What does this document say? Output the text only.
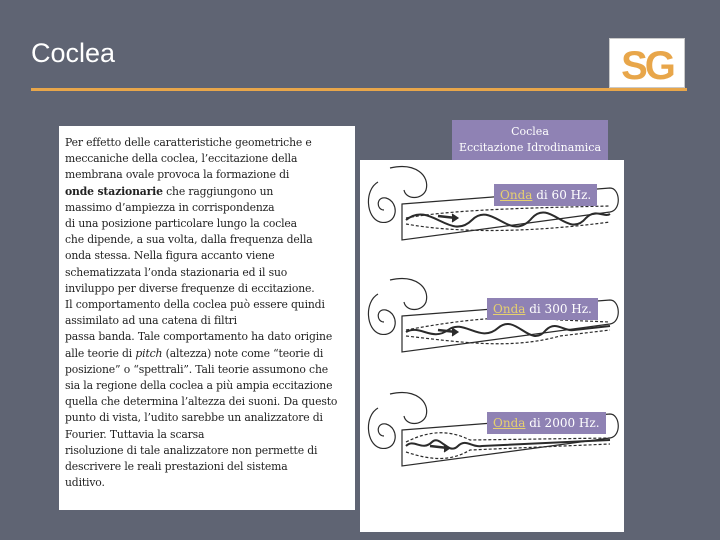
Coclea	SG

Per effetto delle caratteristiche geometriche e
meccaniche della coclea, l’eccitazione della
membrana ovale provoca la formazione di
onde stazionarie che raggiungono un
massimo d’ampiezza in corrispondenza
di una posizione particolare lungo la coclea
che dipende, a sua volta, dalla frequenza della
onda stessa. Nella figura accanto viene
schematizzata l’onda stazionaria ed il suo
inviluppo per diverse frequenze di eccitazione.
Il comportamento della coclea può essere quindi
assimilato ad una catena di filtri
passa banda. Tale comportamento ha dato origine
alle teorie di pitch (altezza) note come “teorie di
posizione” o “spettrali”. Tali teorie assumono che
sia la regione della coclea a più ampia eccitazione
quella che determina l’altezza dei suoni. Da questo
punto di vista, l’udito sarebbe un analizzatore di
Fourier. Tuttavia la scarsa
risoluzione di tale analizzatore non permette di
descrivere le reali prestazioni del sistema
uditivo.

Coclea
Eccitazione Idrodinamica
Onda di 60 Hz.
Onda di 300 Hz.
Onda di 2000 Hz.
